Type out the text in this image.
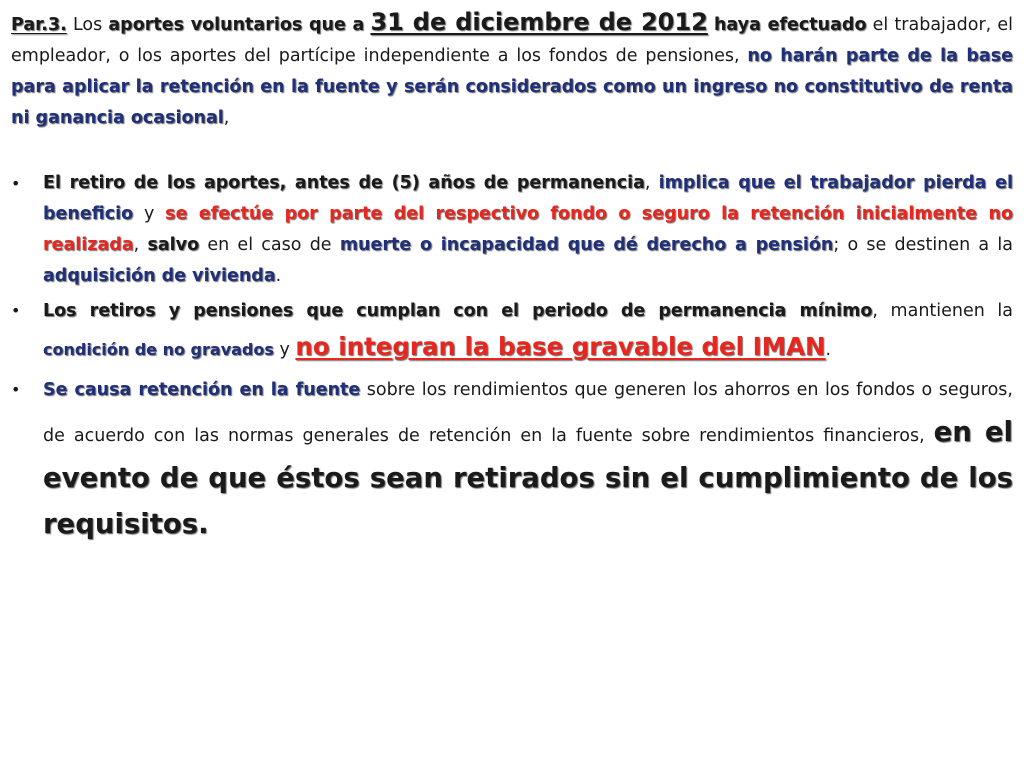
Par.3. Los aportes voluntarios que a 31 de diciembre de 2012 haya efectuado el trabajador, el empleador, o los aportes del partícipe independiente a los fondos de pensiones, no harán parte de la base para aplicar la retención en la fuente y serán considerados como un ingreso no constitutivo de renta ni ganancia ocasional,

•	El retiro de los aportes, antes de (5) años de permanencia, implica que el trabajador pierda el beneficio y se efectúe por parte del respectivo fondo o seguro la retención inicialmente no realizada, salvo en el caso de muerte o incapacidad que dé derecho a pensión; o se destinen a la adquisición de vivienda.
•	Los retiros y pensiones que cumplan con el periodo de permanencia mínimo, mantienen la condición de no gravados y no integran la base gravable del IMAN.
•	Se causa retención en la fuente sobre los rendimientos que generen los ahorros en los fondos o seguros, de acuerdo con las normas generales de retención en la fuente sobre rendimientos financieros, en el evento de que éstos sean retirados sin el cumplimiento de los requisitos.
